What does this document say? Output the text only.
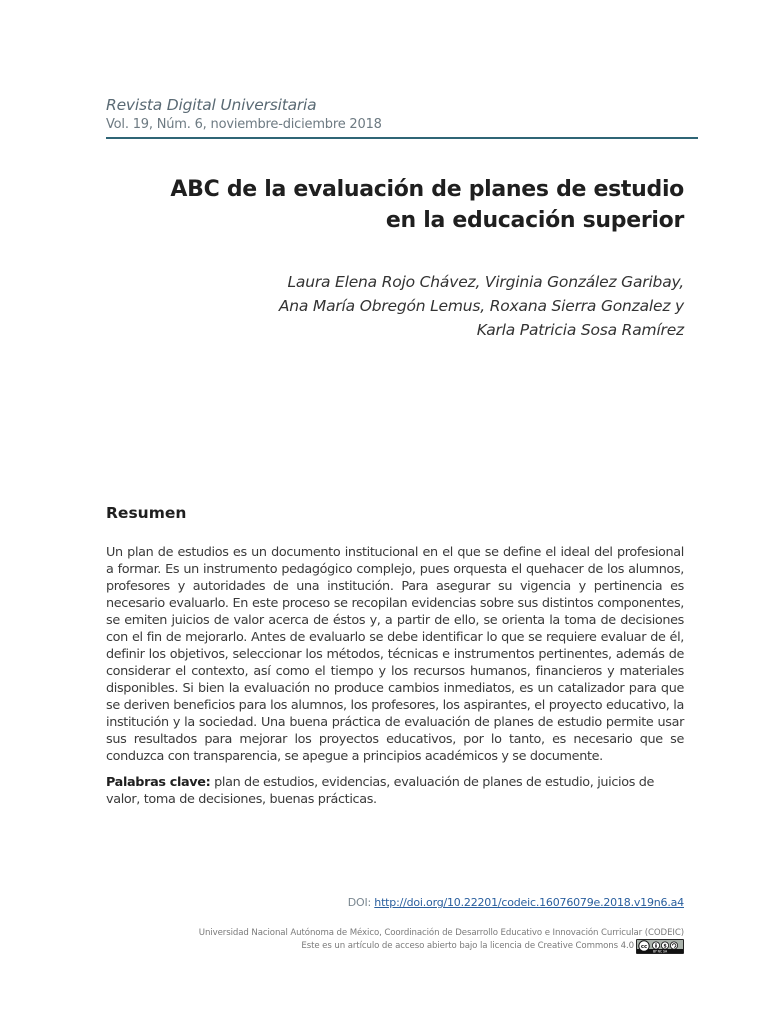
Revista Digital Universitaria
Vol. 19, Núm. 6, noviembre-diciembre 2018
ABC de la evaluación de planes de estudio
en la educación superior
Laura Elena Rojo Chávez, Virginia González Garibay,
Ana María Obregón Lemus, Roxana Sierra Gonzalez y
Karla Patricia Sosa Ramírez
Resumen

Un plan de estudios es un documento institucional en el que se define el ideal del profesional a formar. Es un instrumento pedagógico complejo, pues orquesta el quehacer de los alumnos, profesores y autoridades de una institución. Para asegurar su vigencia y pertinencia es necesario evaluarlo. En este proceso se recopilan evidencias sobre sus distintos componentes, se emiten juicios de valor acerca de éstos y, a partir de ello, se orienta la toma de decisiones con el fin de mejorarlo. Antes de evaluarlo se debe identificar lo que se requiere evaluar de él, definir los objetivos, seleccionar los métodos, técnicas e instrumentos pertinentes, además de considerar el contexto, así como el tiempo y los recursos humanos, financieros y materiales disponibles. Si bien la evaluación no produce cambios inmediatos, es un catalizador para que se deriven beneficios para los alumnos, los profesores, los aspirantes, el proyecto educativo, la institución y la sociedad. Una buena práctica de evaluación de planes de estudio permite usar sus resultados para mejorar los proyectos educativos, por lo tanto, es necesario que se conduzca con transparencia, se apegue a principios académicos y se documente.

Palabras clave: plan de estudios, evidencias, evaluación de planes de estudio, juicios de valor, toma de decisiones, buenas prácticas.

DOI: http://doi.org/10.22201/codeic.16076079e.2018.v19n6.a4
Universidad Nacional Autónoma de México, Coordinación de Desarrollo Educativo e Innovación Curricular (CODEIC)
Este es un artículo de acceso abierto bajo la licencia de Creative Commons 4.0 cc	$
BY NC SA
